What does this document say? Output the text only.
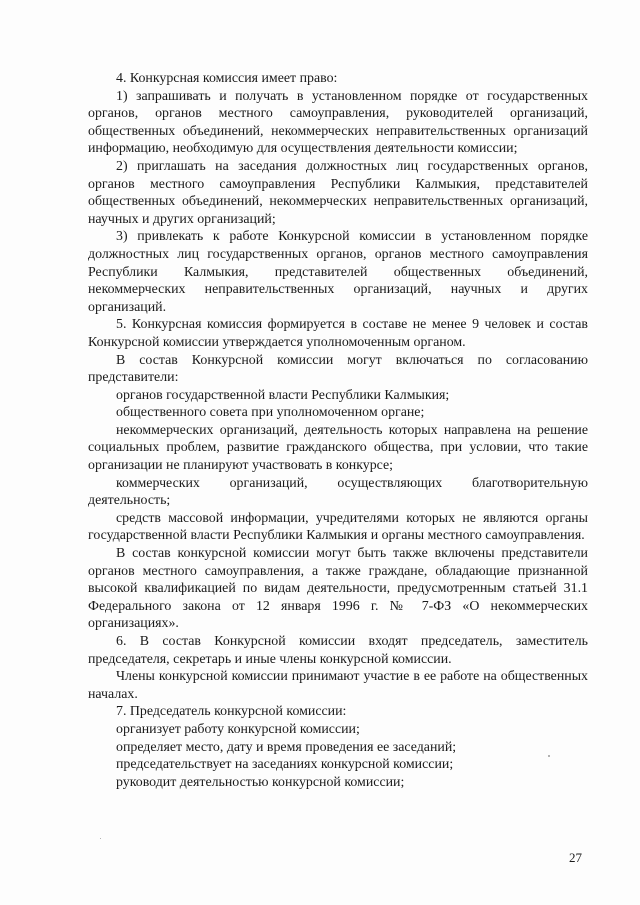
4. Конкурсная комиссия имеет право:

1) запрашивать и получать в установленном порядке от государственных органов, органов местного самоуправления, руководителей организаций, общественных объединений, некоммерческих неправительственных организаций информацию, необходимую для осуществления деятельности комиссии;

2) приглашать на заседания должностных лиц государственных органов, органов местного самоуправления Республики Калмыкия, представителей общественных объединений, некоммерческих неправительственных организаций, научных и других организаций;

3) привлекать к работе Конкурсной комиссии в установленном порядке должностных лиц государственных органов, органов местного самоуправления Республики Калмыкия, представителей общественных объединений, некоммерческих неправительственных организаций, научных и других организаций.

5. Конкурсная комиссия формируется в составе не менее 9 человек и состав Конкурсной комиссии утверждается уполномоченным органом.

В состав Конкурсной комиссии могут включаться по согласованию представители:

органов государственной власти Республики Калмыкия;

общественного совета при уполномоченном органе;

некоммерческих организаций, деятельность которых направлена на решение социальных проблем, развитие гражданского общества, при условии, что такие организации не планируют участвовать в конкурсе;

коммерческих организаций, осуществляющих благотворительную деятельность;

средств массовой информации, учредителями которых не являются органы государственной власти Республики Калмыкия и органы местного самоуправления.

В состав конкурсной комиссии могут быть также включены представители органов местного самоуправления, а также граждане, обладающие признанной высокой квалификацией по видам деятельности, предусмотренным статьей 31.1 Федерального закона от 12 января 1996 г. № 7-ФЗ «О некоммерческих организациях».

6. В состав Конкурсной комиссии входят председатель, заместитель председателя, секретарь и иные члены конкурсной комиссии.

Члены конкурсной комиссии принимают участие в ее работе на общественных началах.

7. Председатель конкурсной комиссии:

организует работу конкурсной комиссии;

определяет место, дату и время проведения ее заседаний;

председательствует на заседаниях конкурсной комиссии;

руководит деятельностью конкурсной комиссии;

27
